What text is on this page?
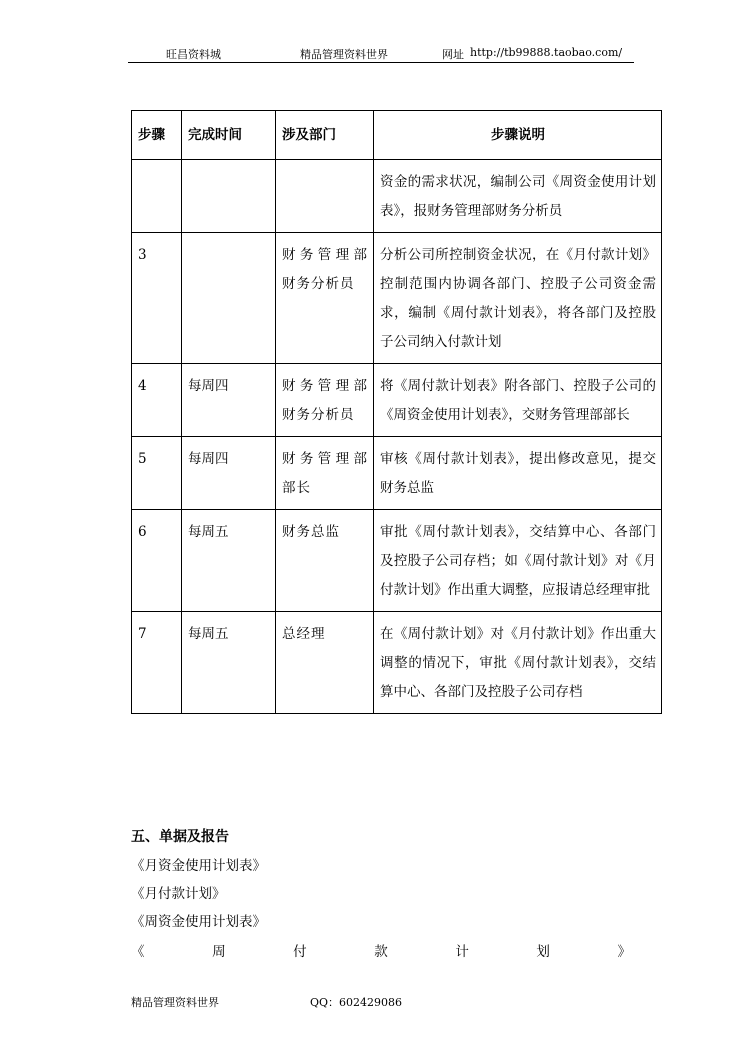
旺昌资料城	精品管理资料世界	网址 http://tb99888.taobao.com/
步骤	完成时间	涉及部门	步骤说明
			资金的需求状况，编制公司《周资金使用计划表》，报财务管理部财务分析员
3		财务管理部财务分析员	分析公司所控制资金状况，在《月付款计划》控制范围内协调各部门、控股子公司资金需求，编制《周付款计划表》，将各部门及控股子公司纳入付款计划
4	每周四	财务管理部财务分析员	将《周付款计划表》附各部门、控股子公司的《周资金使用计划表》，交财务管理部部长
5	每周四	财务管理部部长	审核《周付款计划表》，提出修改意见，提交财务总监
6	每周五	财务总监	审批《周付款计划表》，交结算中心、各部门及控股子公司存档；如《周付款计划》对《月付款计划》作出重大调整，应报请总经理审批
7	每周五	总经理	在《周付款计划》对《月付款计划》作出重大调整的情况下，审批《周付款计划表》，交结算中心、各部门及控股子公司存档
五、单据及报告
《月资金使用计划表》
《月付款计划》
《周资金使用计划表》
《	周	付	款	计	划	》
精品管理资料世界	QQ：602429086
